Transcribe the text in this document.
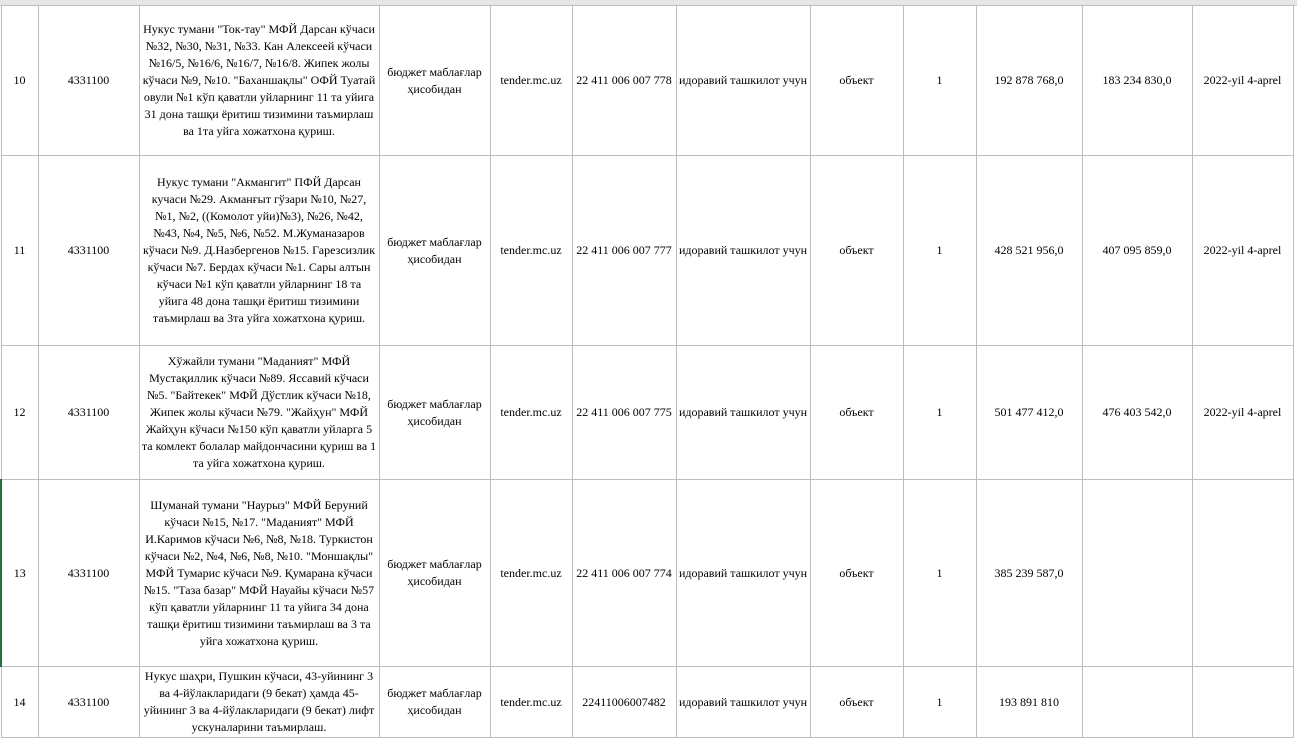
10	4331100	Нукус тумани "Ток-тау" МФЙ Дарсан кўчаси №32, №30, №31, №33. Кан Алексеей кўчаси №16/5, №16/6, №16/7, №16/8. Жипек жолы кўчаси №9, №10. "Баханшақлы" ОФЙ Туатай овули №1 кўп қаватли уйларнинг 11 та уйига 31 дона ташқи ёритиш тизимини таъмирлаш ва 1та уйга хожатхона қуриш.	бюджет маблағлар ҳисобидан	tender.mc.uz	22 411 006 007 778	идоравий ташкилот учун	объект	1	192 878 768,0	183 234 830,0	2022-yil 4-aprel
11	4331100	Нукус тумани "Акмангит" ПФЙ Дарсан кучаси №29. Акманғыт гўзари №10, №27, №1, №2, ((Комолот уйи)№3), №26, №42, №43, №4, №5, №6, №52. М.Жуманазаров кўчаси №9. Д.Назбергенов №15. Гарезсизлик кўчаси №7. Бердах кўчаси №1. Сары алтын кўчаси №1 кўп қаватли уйларнинг 18 та уйига 48 дона ташқи ёритиш тизимини таъмирлаш ва 3та уйга хожатхона қуриш.	бюджет маблағлар ҳисобидан	tender.mc.uz	22 411 006 007 777	идоравий ташкилот учун	объект	1	428 521 956,0	407 095 859,0	2022-yil 4-aprel
12	4331100	Хўжайли тумани "Маданият" МФЙ Мустақиллик кўчаси №89. Яссавий кўчаси №5. "Байтекек" МФЙ Дўстлик кўчаси №18, Жипек жолы кўчаси №79. "Жайҳун" МФЙ Жайҳун кўчаси №150 кўп қаватли уйларга 5 та комлект болалар майдончасини қуриш ва 1 та уйга хожатхона қуриш.	бюджет маблағлар ҳисобидан	tender.mc.uz	22 411 006 007 775	идоравий ташкилот учун	объект	1	501 477 412,0	476 403 542,0	2022-yil 4-aprel
13	4331100	Шуманай тумани "Наурыз" МФЙ Беруний кўчаси №15, №17. "Маданият" МФЙ И.Каримов кўчаси №6, №8, №18. Туркистон кўчаси №2, №4, №6, №8, №10. "Моншақлы" МФЙ Тумарис кўчаси №9. Қумарана кўчаси №15. "Таза базар" МФЙ Науайы кўчаси №57 кўп қаватли уйларнинг 11 та уйига 34 дона ташқи ёритиш тизимини таъмирлаш ва 3 та уйга хожатхона қуриш.	бюджет маблағлар ҳисобидан	tender.mc.uz	22 411 006 007 774	идоравий ташкилот учун	объект	1	385 239 587,0		
14	4331100	Нукус шаҳри, Пушкин кўчаси, 43-уйининг 3 ва 4-йўлакларидаги (9 бекат) ҳамда 45-уйининг 3 ва 4-йўлакларидаги (9 бекат) лифт ускуналарини таъмирлаш.	бюджет маблағлар ҳисобидан	tender.mc.uz	22411006007482	идоравий ташкилот учун	объект	1	193 891 810		
